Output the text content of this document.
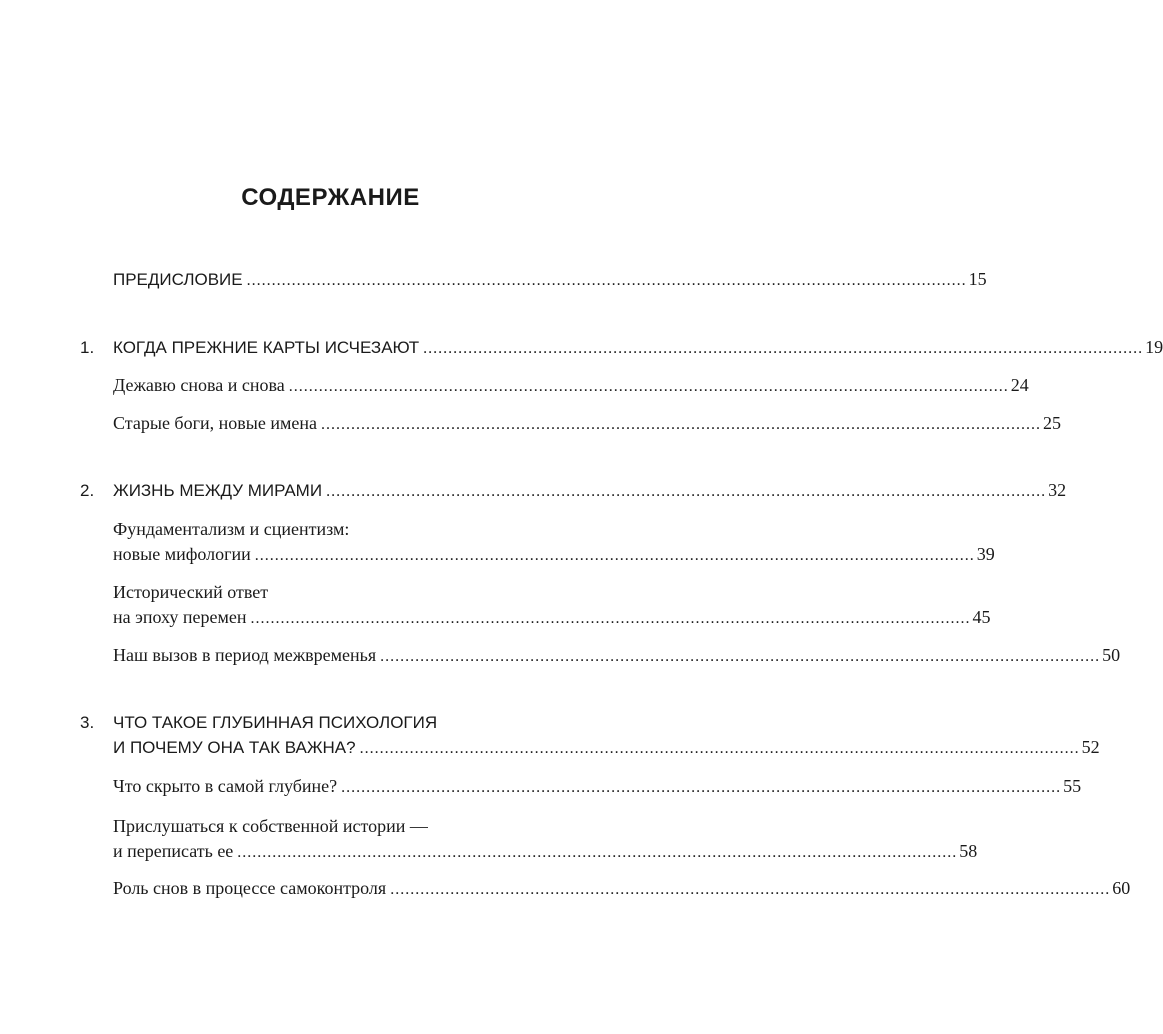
СОДЕРЖАНИЕ
ПРЕДИСЛОВИЕ ................................................................................................................................................ 15
1. КОГДА ПРЕЖНИЕ КАРТЫ ИСЧЕЗАЮТ ................................................................................................................................................ 19
Дежавю снова и снова ................................................................................................................................................ 24
Старые боги, новые имена ................................................................................................................................................ 25
2. ЖИЗНЬ МЕЖДУ МИРАМИ ................................................................................................................................................ 32
Фундаментализм и сциентизм:
новые мифологии ................................................................................................................................................ 39
Исторический ответ
на эпоху перемен ................................................................................................................................................ 45
Наш вызов в период межвременья ................................................................................................................................................ 50
3. ЧТО ТАКОЕ ГЛУБИННАЯ ПСИХОЛОГИЯ
И ПОЧЕМУ ОНА ТАК ВАЖНА? ................................................................................................................................................ 52
Что скрыто в самой глубине? ................................................................................................................................................ 55
Прислушаться к собственной истории —
и переписать ее ................................................................................................................................................ 58
Роль снов в процессе самоконтроля ................................................................................................................................................ 60
